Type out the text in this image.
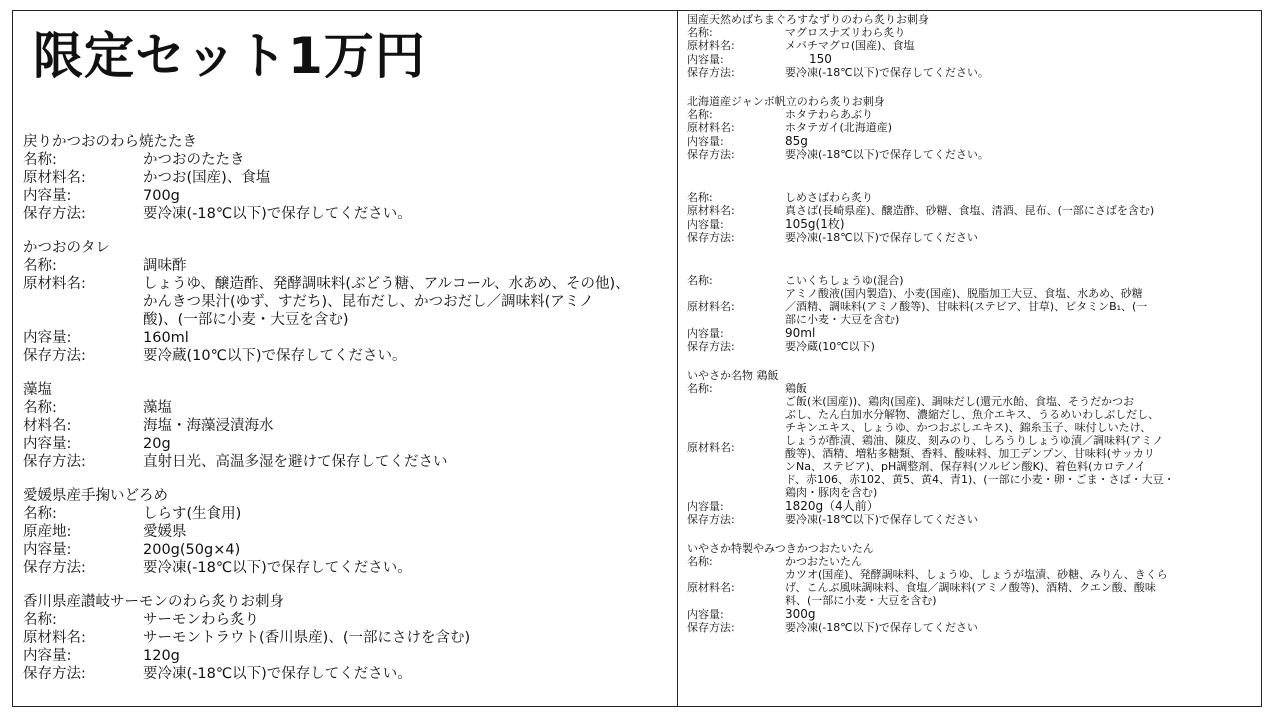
限定セット1万円
戻りかつおのわら焼たたき
名称:	かつおのたたき
原材料名:	かつお(国産)、食塩
内容量:	700g
保存方法:	要冷凍(-18℃以下)で保存してください。
かつおのタレ
名称:	調味酢
原材料名:	しょうゆ、醸造酢、発酵調味料(ぶどう糖、アルコール、水あめ、その他)、
かんきつ果汁(ゆず、すだち)、昆布だし、かつおだし／調味料(アミノ
酸)、(一部に小麦・大豆を含む)
内容量:	160ml
保存方法:	要冷蔵(10℃以下)で保存してください。
藻塩
名称:	藻塩
材料名:	海塩・海藻浸漬海水
内容量:	20g
保存方法:	直射日光、高温多湿を避けて保存してください
愛媛県産手掬いどろめ
名称:	しらす(生食用)
原産地:	愛媛県
内容量:	200g(50g×4)
保存方法:	要冷凍(-18℃以下)で保存してください。
香川県産讃岐サーモンのわら炙りお刺身
名称:	サーモンわら炙り
原材料名:	サーモントラウト(香川県産)、(一部にさけを含む)
内容量:	120g
保存方法:	要冷凍(-18℃以下)で保存してください。
国産天然めばちまぐろすなずりのわら炙りお刺身
名称:	マグロスナズリわら炙り
原材料名:	メバチマグロ(国産)、食塩
内容量:	　　150
保存方法:	要冷凍(-18℃以下)で保存してください。
北海道産ジャンボ帆立のわら炙りお刺身
名称:	ホタテわらあぶり
原材料名:	ホタテガイ(北海道産)
内容量:	85g
保存方法:	要冷凍(-18℃以下)で保存してください。
名称:	しめさばわら炙り
原材料名:	真さば(長崎県産)、醸造酢、砂糖、食塩、清酒、昆布、(一部にさばを含む)
内容量:	105g(1枚)
保存方法:	要冷凍(-18℃以下)で保存してください
名称:	こいくちしょうゆ(混合)
原材料名:
アミノ酸液(国内製造)、小麦(国産)、脱脂加工大豆、食塩、水あめ、砂糖
／酒精、調味料(アミノ酸等)、甘味料(ステビア、甘草)、ビタミンB₁、(一
部に小麦・大豆を含む)
内容量:	90ml
保存方法:	要冷蔵(10℃以下)
いやさか名物 鶏飯
名称:	鶏飯
原材料名:
ご飯(米(国産))、鶏肉(国産)、調味だし(還元水飴、食塩、そうだかつお
ぶし、たん白加水分解物、濃縮だし、魚介エキス、うるめいわしぶしだし、
チキンエキス、しょうゆ、かつおぶしエキス)、錦糸玉子、味付しいたけ、
しょうが酢漬、鶏油、陳皮、刻みのり、しろうりしょうゆ漬／調味料(アミノ
酸等)、酒精、増粘多糖類、香料、酸味料、加工デンプン、甘味料(サッカリ
ンNa、ステビア)、pH調整剤、保存料(ソルビン酸K)、着色料(カロテノイ
ド、赤106、赤102、黄5、黄4、青1)、(一部に小麦・卵・ごま・さば・大豆・
鶏肉・豚肉を含む)
内容量:	1820g（4人前）
保存方法:	要冷凍(-18℃以下)で保存してください
いやさか特製やみつきかつおたいたん
名称:	かつおたいたん
原材料名:
カツオ(国産)、発酵調味料、しょうゆ、しょうが塩漬、砂糖、みりん、きくら
げ、こんぶ風味調味料、食塩／調味料(アミノ酸等)、酒精、クエン酸、酸味
料、(一部に小麦・大豆を含む)
内容量:	300g
保存方法:	要冷凍(-18℃以下)で保存してください
